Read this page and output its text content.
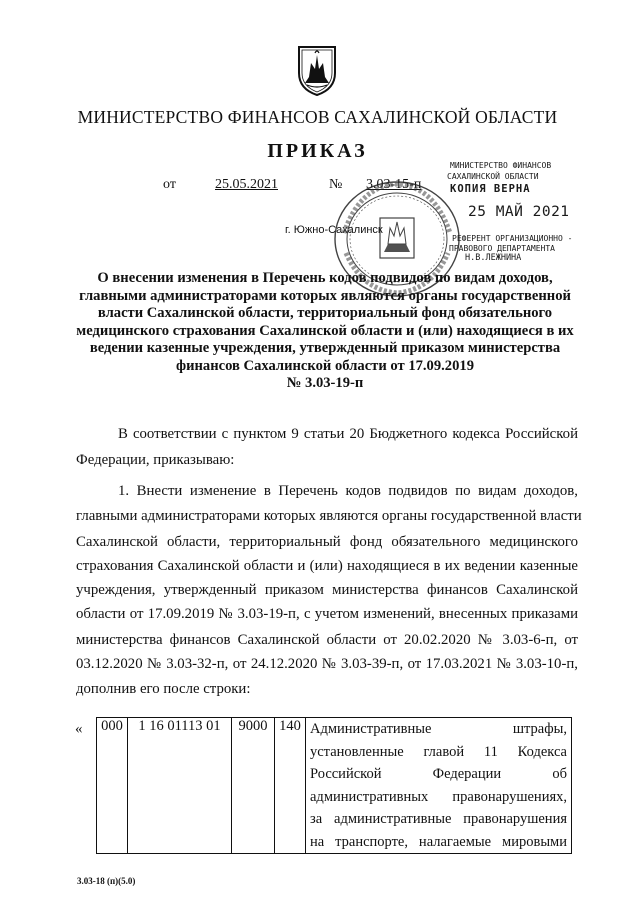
МИНИСТЕРСТВО ФИНАНСОВ САХАЛИНСКОЙ ОБЛАСТИ
ПРИКАЗ
от	25.05.2021	№ 3.03-15-п
г. Южно-Сахалинск
МИНИСТЕРСТВО ФИНАНСОВ
САХАЛИНСКОЙ ОБЛАСТИ
КОПИЯ ВЕРНА
25 МАЙ 2021
РЕФЕРЕНТ ОРГАНИЗАЦИОННО -
ПРАВОВОГО ДЕПАРТАМЕНТА
Н.В.ЛЕЖНИНА
О внесении изменения в Перечень кодов подвидов по видам доходов,
главными администраторами которых являются органы государственной
власти Сахалинской области, территориальный фонд обязательного
медицинского страхования Сахалинской области и (или) находящиеся в их
ведении казенные учреждения, утвержденный приказом министерства
финансов Сахалинской области от 17.09.2019
№ 3.03-19-п
В соответствии с пунктом 9 статьи 20 Бюджетного кодекса Российской
Федерации, приказываю:
1. Внести изменение в Перечень кодов подвидов по видам доходов,
главными администраторами которых являются органы государственной власти
Сахалинской области, территориальный фонд обязательного медицинского
страхования Сахалинской области и (или) находящиеся в их ведении казенные
учреждения, утвержденный приказом министерства финансов Сахалинской
области от 17.09.2019 № 3.03-19-п, с учетом изменений, внесенных приказами
министерства финансов Сахалинской области от 20.02.2020 № 3.03-6-п, от
03.12.2020 № 3.03-32-п, от 24.12.2020 № 3.03-39-п, от 17.03.2021 № 3.03-10-п,
дополнив его после строки:
« 000	1 16 01113 01	9000	140	Административные штрафы,
установленные главой 11 Кодекса
Российской Федерации об
административных правонарушениях,
за административные правонарушения
на транспорте, налагаемые мировыми
3.03-18 (п)(5.0)
